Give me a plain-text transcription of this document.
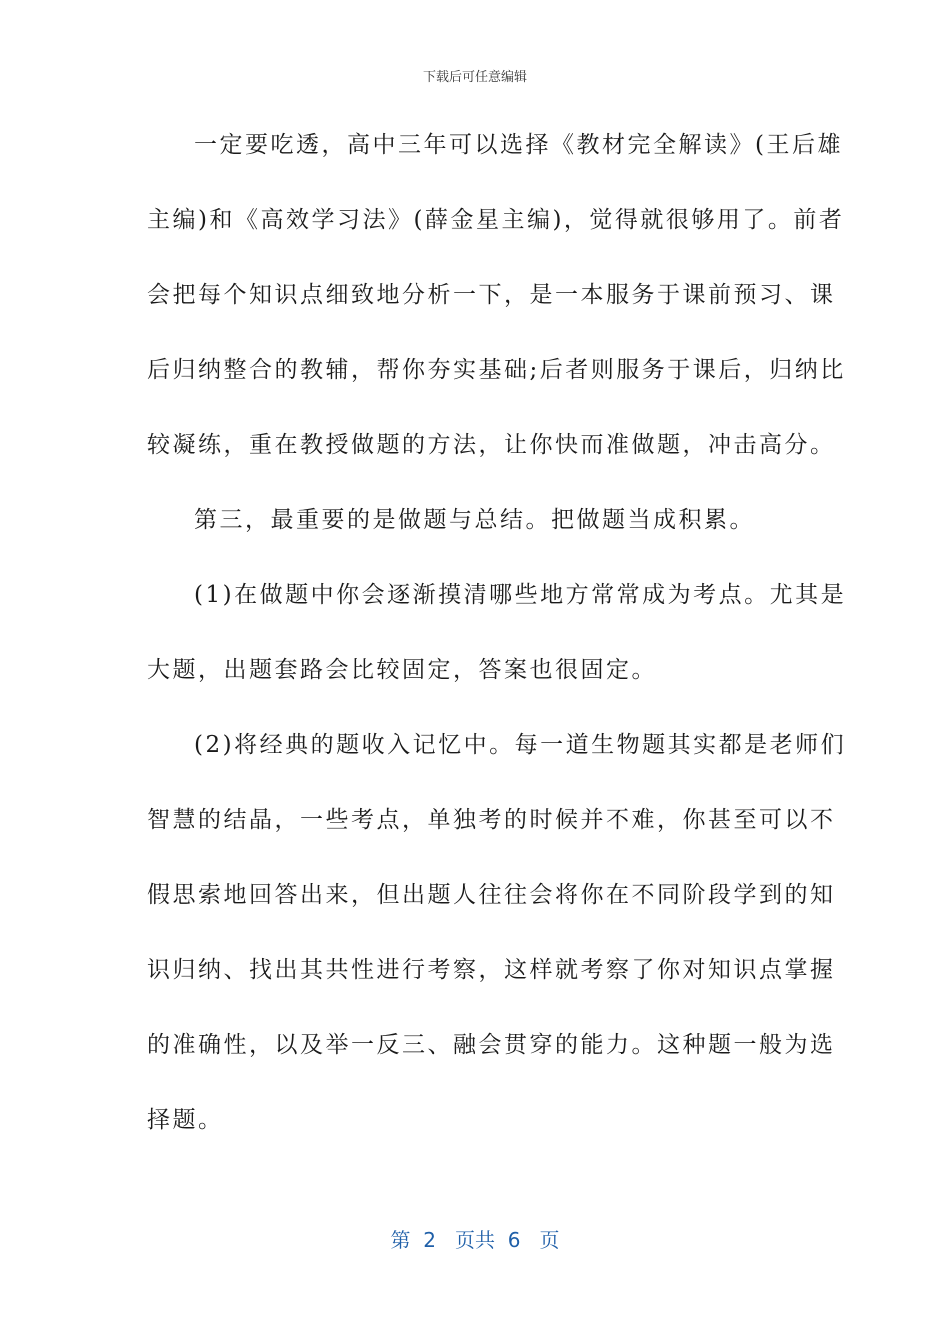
下载后可任意编辑
一定要吃透，高中三年可以选择《教材完全解读》(王后雄
主编)和《高效学习法》(薛金星主编)，觉得就很够用了。前者
会把每个知识点细致地分析一下，是一本服务于课前预习、课
后归纳整合的教辅，帮你夯实基础;后者则服务于课后，归纳比
较凝练，重在教授做题的方法，让你快而准做题，冲击高分。
第三，最重要的是做题与总结。把做题当成积累。
(1)在做题中你会逐渐摸清哪些地方常常成为考点。尤其是
大题，出题套路会比较固定，答案也很固定。
(2)将经典的题收入记忆中。每一道生物题其实都是老师们
智慧的结晶，一些考点，单独考的时候并不难，你甚至可以不
假思索地回答出来，但出题人往往会将你在不同阶段学到的知
识归纳、找出其共性进行考察，这样就考察了你对知识点掌握
的准确性，以及举一反三、融会贯穿的能力。这种题一般为选
择题。
第  2   页共  6   页
